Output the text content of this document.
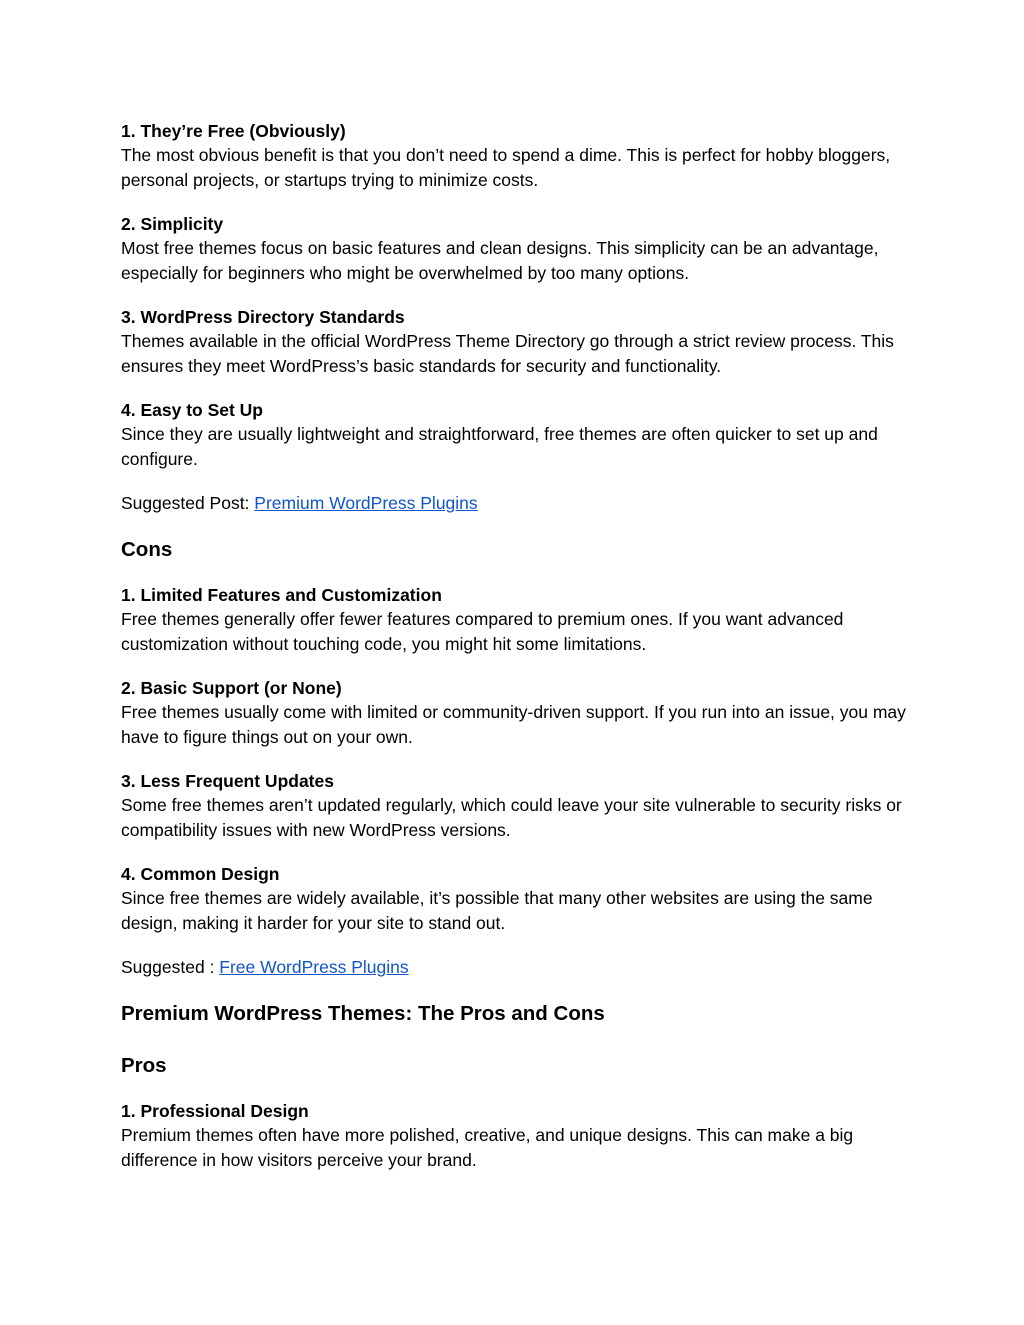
1. They’re Free (Obviously)

The most obvious benefit is that you don’t need to spend a dime. This is perfect for hobby bloggers, personal projects, or startups trying to minimize costs.

2. Simplicity

Most free themes focus on basic features and clean designs. This simplicity can be an advantage, especially for beginners who might be overwhelmed by too many options.

3. WordPress Directory Standards

Themes available in the official WordPress Theme Directory go through a strict review process. This ensures they meet WordPress’s basic standards for security and functionality.

4. Easy to Set Up

Since they are usually lightweight and straightforward, free themes are often quicker to set up and configure.

Suggested Post: Premium WordPress Plugins

Cons

1. Limited Features and Customization

Free themes generally offer fewer features compared to premium ones. If you want advanced customization without touching code, you might hit some limitations.

2. Basic Support (or None)

Free themes usually come with limited or community-driven support. If you run into an issue, you may have to figure things out on your own.

3. Less Frequent Updates

Some free themes aren’t updated regularly, which could leave your site vulnerable to security risks or compatibility issues with new WordPress versions.

4. Common Design

Since free themes are widely available, it’s possible that many other websites are using the same design, making it harder for your site to stand out.

Suggested : Free WordPress Plugins

Premium WordPress Themes: The Pros and Cons
Pros

1. Professional Design

Premium themes often have more polished, creative, and unique designs. This can make a big difference in how visitors perceive your brand.
